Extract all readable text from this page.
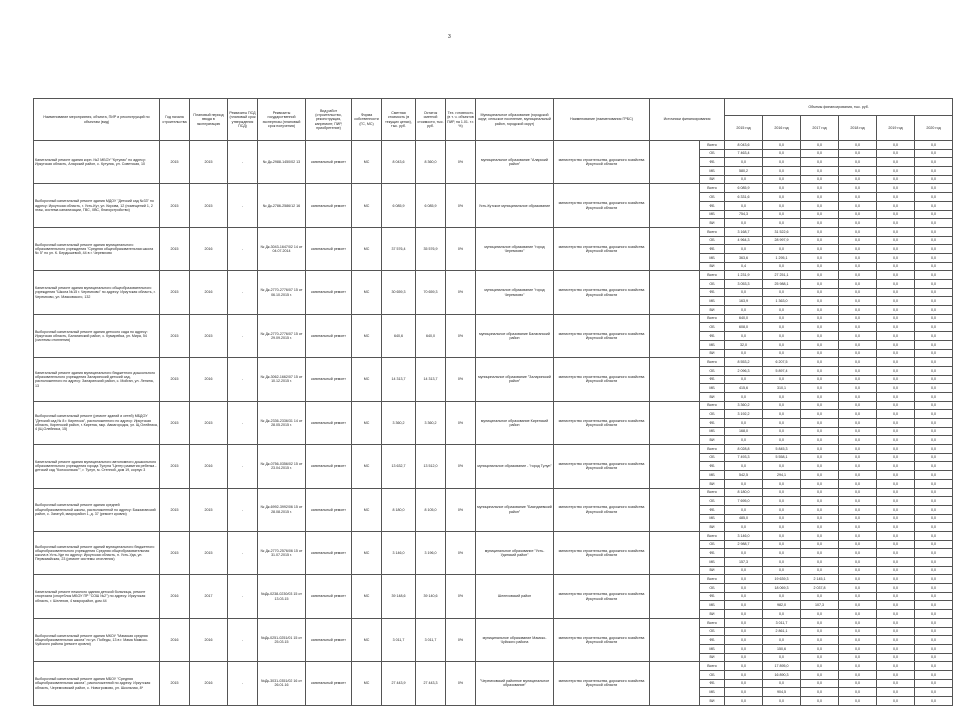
3
Наименование мероприятия, объекта, ПИР и реконструкций по объектам (вид)	Год начала строительства	Плановый период ввода в эксплуатацию	Реквизиты ПСД (плановый срок утверждения ПСД)	Реквизиты государственной экспертизы (плановый срок получения)	Вид работ (строительство, реконструкция, капремонт, ПИР, приобретение)	Форма собственности (ГС, МС)	Сметная стоимость (в текущих ценах), тыс. руб.	Остаток сметной стоимости, тыс. руб.	Тех. готовность (в т. ч. объектов ПИР, на 1.01. т.г. %)	Муниципальное образование (городской округ, сельское поселение, муниципальный район, городской округ)	Наименование (наименования ГРБС)	Источники финансирования		Объемы финансирования, тыс. руб.					
														2015 год	2016 год	2017 год	2018 год	2019 год	2020 год
Капитальный ремонт здания корп. №2 МБОУ "Кутулик" по адресу: Иркутская область, Аларский район, с. Кутулик, ул. Советская, 10	2015	2015	-	№ Дк-2988-1450/02 13	капитальный ремонт	МС	8 043,6	8 360,0	0%	муниципальное образование "Аларский район"	министерство строительства, дорожного хозяйства Иркутской области		Всего	8 043,6	0,0	0,0	0,0	0,0	0,0
													ОБ	7 463,4	0,0	0,0	0,0	0,0	0,0
													ФБ	0,0	0,0	0,0	0,0	0,0	0,0
													МБ	580,2	0,0	0,0	0,0	0,0	0,0
													ВИ	0,0	0,0	0,0	0,0	0,0	0,0
Выборочный капитальный ремонт здания МДОУ "Детский сад №33" по адресу: Иркутская область, г. Усть-Кут, ул. Кирова, 12 (помещений 1, 2 этаж, система канализации, ГВС, ХВС, благоустройство)	2015	2015	-	№ Дк-2786-2586/12 16	капитальный ремонт	МС	6 085,9	6 085,9	0%	Усть-Кутское муниципальное образование	министерство строительства, дорожного хозяйства Иркутской области		Всего	6 085,9	0,0	0,0	0,0	0,0	0,0
													ОБ	6 331,6	0,0	0,0	0,0	0,0	0,0
													ФБ	0,0	0,0	0,0	0,0	0,0	0,0
													МБ	754,3	0,0	0,0	0,0	0,0	0,0
													ВИ	0,0	0,0	0,0	0,0	0,0	0,0
Выборочный капитальный ремонт здания муниципального образовательного учреждения "Средняя общеобразовательная школа № 5" по ул. К. Бердышевой, 44 в г. Черемхово	2015	2016	-	№ Дк-3043-1647/02 14 от 04.07.2014	капитальный ремонт	МС	37 576,4	35 576,9	0%	муниципальное образование "город Черемхово"	министерство строительства, дорожного хозяйства Иркутской области		Всего	3 168,7	31 522,6	0,0	0,0	0,0	0,0
													ОБ	4 964,3	28 997,9	0,0	0,0	0,0	0,0
													ФБ	0,0	0,0	0,0	0,0	0,0	0,0
													МБ	363,6	1 295,1	0,0	0,0	0,0	0,0
													ВИ	0,4	0,0	0,0	0,0	0,0	0,0
Капитальный ремонт здания муниципального общеобразовательного учреждения "Школа №15 г. Черемхово" по адресу: Иркутская область, г. Черемхово, ул. Маяковского, 132	2015	2016	-	№ Дк-2770-2776/07 15 от 06.10.2015 г.	капитальный ремонт	МС	30 659,3	70 659,3	0%	муниципальное образование "город Черемхово"	министерство строительства, дорожного хозяйства Иркутской области		Всего	1 231,9	27 251,1	0,0	0,0	0,0	0,0
													ОБ	3 053,3	25 988,1	0,0	0,0	0,0	0,0
													ФБ	0,0	0,0	0,0	0,0	0,0	0,0
													МБ	163,9	1 363,0	0,0	0,0	0,0	0,0
													ВИ	0,0	0,0	0,0	0,0	0,0	0,0
Выборочный капитальный ремонт здания детского сада по адресу: Иркутская область, Балаганский район, с. Кумарейка, ул. Мира, 54 (системы отопления)	2015	2015	-	№ Дк-2770-2776/07 15 от 29.09.2015 г.	капитальный ремонт	МС	640,6	640,0	0%	муниципальное образование Балаганский район	министерство строительства, дорожного хозяйства Иркутской области		Всего	640,0	0,0	0,0	0,0	0,0	0,0
													ОБ	608,0	0,0	0,0	0,0	0,0	0,0
													ФБ	0,0	0,0	0,0	0,0	0,0	0,0
													МБ	32,0	0,0	0,0	0,0	0,0	0,0
													ВИ	0,0	0,0	0,0	0,0	0,0	0,0
Капитальный ремонт здания муниципального бюджетного дошкольного образовательного учреждения Заларинский детский сад, расположенного по адресу: Заларинский район, с. Мойган, ул. Ленина, 13	2015	2016	-	№ Дк-3062-1662/07 15 от 10.12.2015 г.	капитальный ремонт	МС	14 313,7	14 313,7	0%	муниципальное образование "Заларинский район"	министерство строительства, дорожного хозяйства Иркутской области		Всего	8 553,2	6 207,5	0,0	0,0	0,0	0,0
													ОБ	2 096,3	5 897,4	0,0	0,0	0,0	0,0
													ФБ	0,0	0,0	0,0	0,0	0,0	0,0
													МБ	415,6	310,1	0,0	0,0	0,0	0,0
													ВИ	0,0	0,0	0,0	0,0	0,0	0,0
Выборочный капитальный ремонт (ремонт зданий и сетей) МБДОУ "Детский сад № 8 г. Киренска", расположенного по адресу: Иркутская область, Киренский район, г. Киренск, мкр. Авиагородок, ул. Щ.Олейника, 4 (Щ.Олейника, 15)	2015	2015	-	№ Дк-2336-2336/31 14 от 28.05.2015 г.	капитальный ремонт	МС	3 360,2	3 360,2	0%	муниципальное образование Киренский район	министерство строительства, дорожного хозяйства Иркутской области		Всего	3 360,2	0,0	0,0	0,0	0,0	0,0
													ОБ	3 192,2	0,0	0,0	0,0	0,0	0,0
													ФБ	0,0	0,0	0,0	0,0	0,0	0,0
													МБ	168,0	0,0	0,0	0,0	0,0	0,0
													ВИ	0,0	0,0	0,0	0,0	0,0	0,0
Капитальный ремонт здания муниципального автономного дошкольного образовательного учреждения города Тулуна "Центр развития ребенка - детский сад "Колокольчик"", г. Тулун, м. Степной, дом 19, корпус 3	2015	2016	-	№ Дк-0756-0356/02 15 от 23.04.2015 г.	капитальный ремонт	МС	13 632,7	13 512,0	0%	муниципальное образование - "город Тулун"	министерство строительства, дорожного хозяйства Иркутской области		Всего	8 028,8	5 845,3	0,0	0,0	0,0	0,0
													ОБ	7 493,3	5 558,1	0,0	0,0	0,0	0,0
													ФБ	0,0	0,0	0,0	0,0	0,0	0,0
													МБ	542,5	294,1	0,0	0,0	0,0	0,0
													ВИ	0,0	0,0	0,0	0,0	0,0	0,0
Выборочный капитальный ремонт здания средней общеобразовательной школы, расположенной по адресу: Бажзаганский район, с. Загатуй, микрорайон 1, д. 37 (ремонт кровли)	2015	2015	-	№ Дк-6992-3992/06 15 от 28.08.2015 г.	капитальный ремонт	МС	8 180,0	8 105,0	0%	муниципальное образование "Баяндаевский район"	министерство строительства, дорожного хозяйства Иркутской области		Всего	8 180,0	0,0	0,0	0,0	0,0	0,0
													ОБ	7 695,0	0,0	0,0	0,0	0,0	0,0
													ФБ	0,0	0,0	0,0	0,0	0,0	0,0
													МБ	485,0	0,0	0,0	0,0	0,0	0,0
													ВИ	0,0	0,0	0,0	0,0	0,0	0,0
Выборочный капитальный ремонт зданий муниципального бюджетного общеобразовательного учреждения Средняя общеобразовательная школа в Усть-Уде по адресу: Иркутская область, п. Усть-Уда, ул. Первомайская, 23 (ремонт системы отопления)	2015	2015	-	№ Дк-2770-2576/06 15 от 31.07.2015 г.	капитальный ремонт	МС	3 146,0	3 196,0	0%	муниципальное образование "Усть-Удинский район"	министерство строительства, дорожного хозяйства Иркутской области		Всего	3 146,0	0,0	0,0	0,0	0,0	0,0
													ОБ	2 988,7	0,0	0,0	0,0	0,0	0,0
													ФБ	0,0	0,0	0,0	0,0	0,0	0,0
													МБ	157,3	0,0	0,0	0,0	0,0	0,0
													ВИ	0,0	0,0	0,0	0,0	0,0	0,0
Капитальный ремонт нежилого здания детской больницы, ремонт спортзала (спортблок МБОУ ПР "СОШ №2") по адресу: Иркутская область, г. Шелехов, 4 микрорайон, дом 44	2016	2017	-	№Дк-0238-0230/03 15 от 13.03.15	капитальный ремонт	МС	39 148,6	39 140,6	0%	Шелеховский район	министерство строительства, дорожного хозяйства Иркутской области		Всего	0,0	19 639,3	2 145,1	0,0	0,0	0,0
													ОБ	0,0	18 069,3	2 037,8	0,0	0,0	0,0
													ФБ	0,0	0,0	0,0	0,0	0,0	0,0
													МБ	0,0	982,0	107,3	0,0	0,0	0,0
													ВИ	0,0	0,0	0,0	0,0	0,0	0,0
Выборочный капитальный ремонт здания МКОУ "Мамская средняя общеобразовательная школа" по ул. Победы, 13 в г. Мама Мамско-Чуйского района (ремонт кровли)	2016	2016	-	№Дк-0251-0251/01 15 от 25.03.15	капитальный ремонт	МС	3 011,7	3 011,7	0%	муниципальное образование Мамско-Чуйского района	министерство строительства, дорожного хозяйства Иркутской области		Всего	0,0	3 011,7	0,0	0,0	0,0	0,0
													ОБ	0,0	2 861,1	0,0	0,0	0,0	0,0
													ФБ	0,0	0,0	0,0	0,0	0,0	0,0
													МБ	0,0	150,6	0,0	0,0	0,0	0,0
													ВИ	0,0	0,0	0,0	0,0	0,0	0,0
Выборочный капитальный ремонт здания МБОУ "Средняя общеобразовательная школа", расположенной по адресу: Иркутская область, Черемховский район, с. Новогромово, ул. Школьная, 8*	2015	2016	-	№Дк-3031-0351/02 16 от 26.01.16	капитальный ремонт	МС	27 443,9	27 443,3	0%	"Черемховский районное муниципальное образование"	министерство строительства, дорожного хозяйства Иркутской области		Всего	0,0	17 895,0	0,0	0,0	0,0	0,0
													ОБ	0,0	16 890,3	0,0	0,0	0,0	0,0
													ФБ	0,0	0,0	0,0	0,0	0,0	0,0
													МБ	0,0	904,5	0,0	0,0	0,0	0,0
													ВИ	0,0	0,0	0,0	0,0	0,0	0,0
